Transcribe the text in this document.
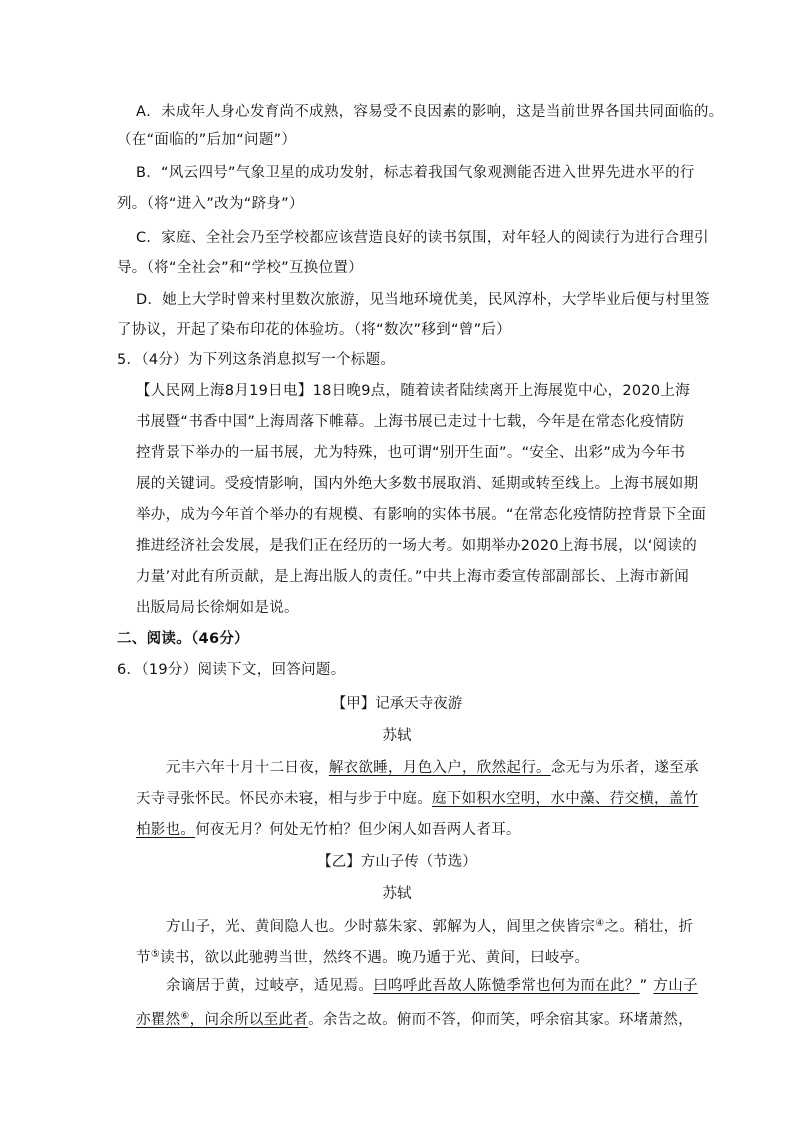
A．未成年人身心发育尚不成熟，容易受不良因素的影响，这是当前世界各国共同面临的。
（在“面临的”后加“问题”）
B．“风云四号”气象卫星的成功发射，标志着我国气象观测能否进入世界先进水平的行
列。（将“进入”改为“跻身”）
C．家庭、全社会乃至学校都应该营造良好的读书氛围，对年轻人的阅读行为进行合理引
导。（将“全社会”和“学校”互换位置）
D．她上大学时曾来村里数次旅游，见当地环境优美，民风淳朴，大学毕业后便与村里签
了协议，开起了染布印花的体验坊。（将“数次”移到“曾”后）
5．（4分）为下列这条消息拟写一个标题。
【人民网上海8月19日电】18日晚9点，随着读者陆续离开上海展览中心，2020上海
书展暨“书香中国”上海周落下帷幕。上海书展已走过十七载，今年是在常态化疫情防
控背景下举办的一届书展，尤为特殊，也可谓“别开生面”。“安全、出彩”成为今年书
展的关键词。受疫情影响，国内外绝大多数书展取消、延期或转至线上。上海书展如期
举办，成为今年首个举办的有规模、有影响的实体书展。“在常态化疫情防控背景下全面
推进经济社会发展，是我们正在经历的一场大考。如期举办2020上海书展，以‘阅读的
力量’对此有所贡献，是上海出版人的责任。”中共上海市委宣传部副部长、上海市新闻
出版局局长徐炯如是说。
二、阅读。（46分）
6．（19分）阅读下文，回答问题。
【甲】记承天寺夜游
苏轼
元丰六年十月十二日夜，解衣欲睡，月色入户，欣然起行。念无与为乐者，遂至承
天寺寻张怀民。怀民亦未寝，相与步于中庭。庭下如积水空明，水中藻、荇交横，盖竹
柏影也。何夜无月？何处无竹柏？但少闲人如吾两人者耳。
【乙】方山子传（节选）
苏轼
方山子，光、黄间隐人也。少时慕朱家、郭解为人，闾里之侠皆宗④之。稍壮，折
节⑤读书，欲以此驰骋当世，然终不遇。晚乃遁于光、黄间，曰岐亭。
余谪居于黄，过岐亭，适见焉。曰呜呼此吾故人陈慥季常也何为而在此？” 方山子
亦瞿然⑥，问余所以至此者。余告之故。俯而不答，仰而笑，呼余宿其家。环堵萧然，
